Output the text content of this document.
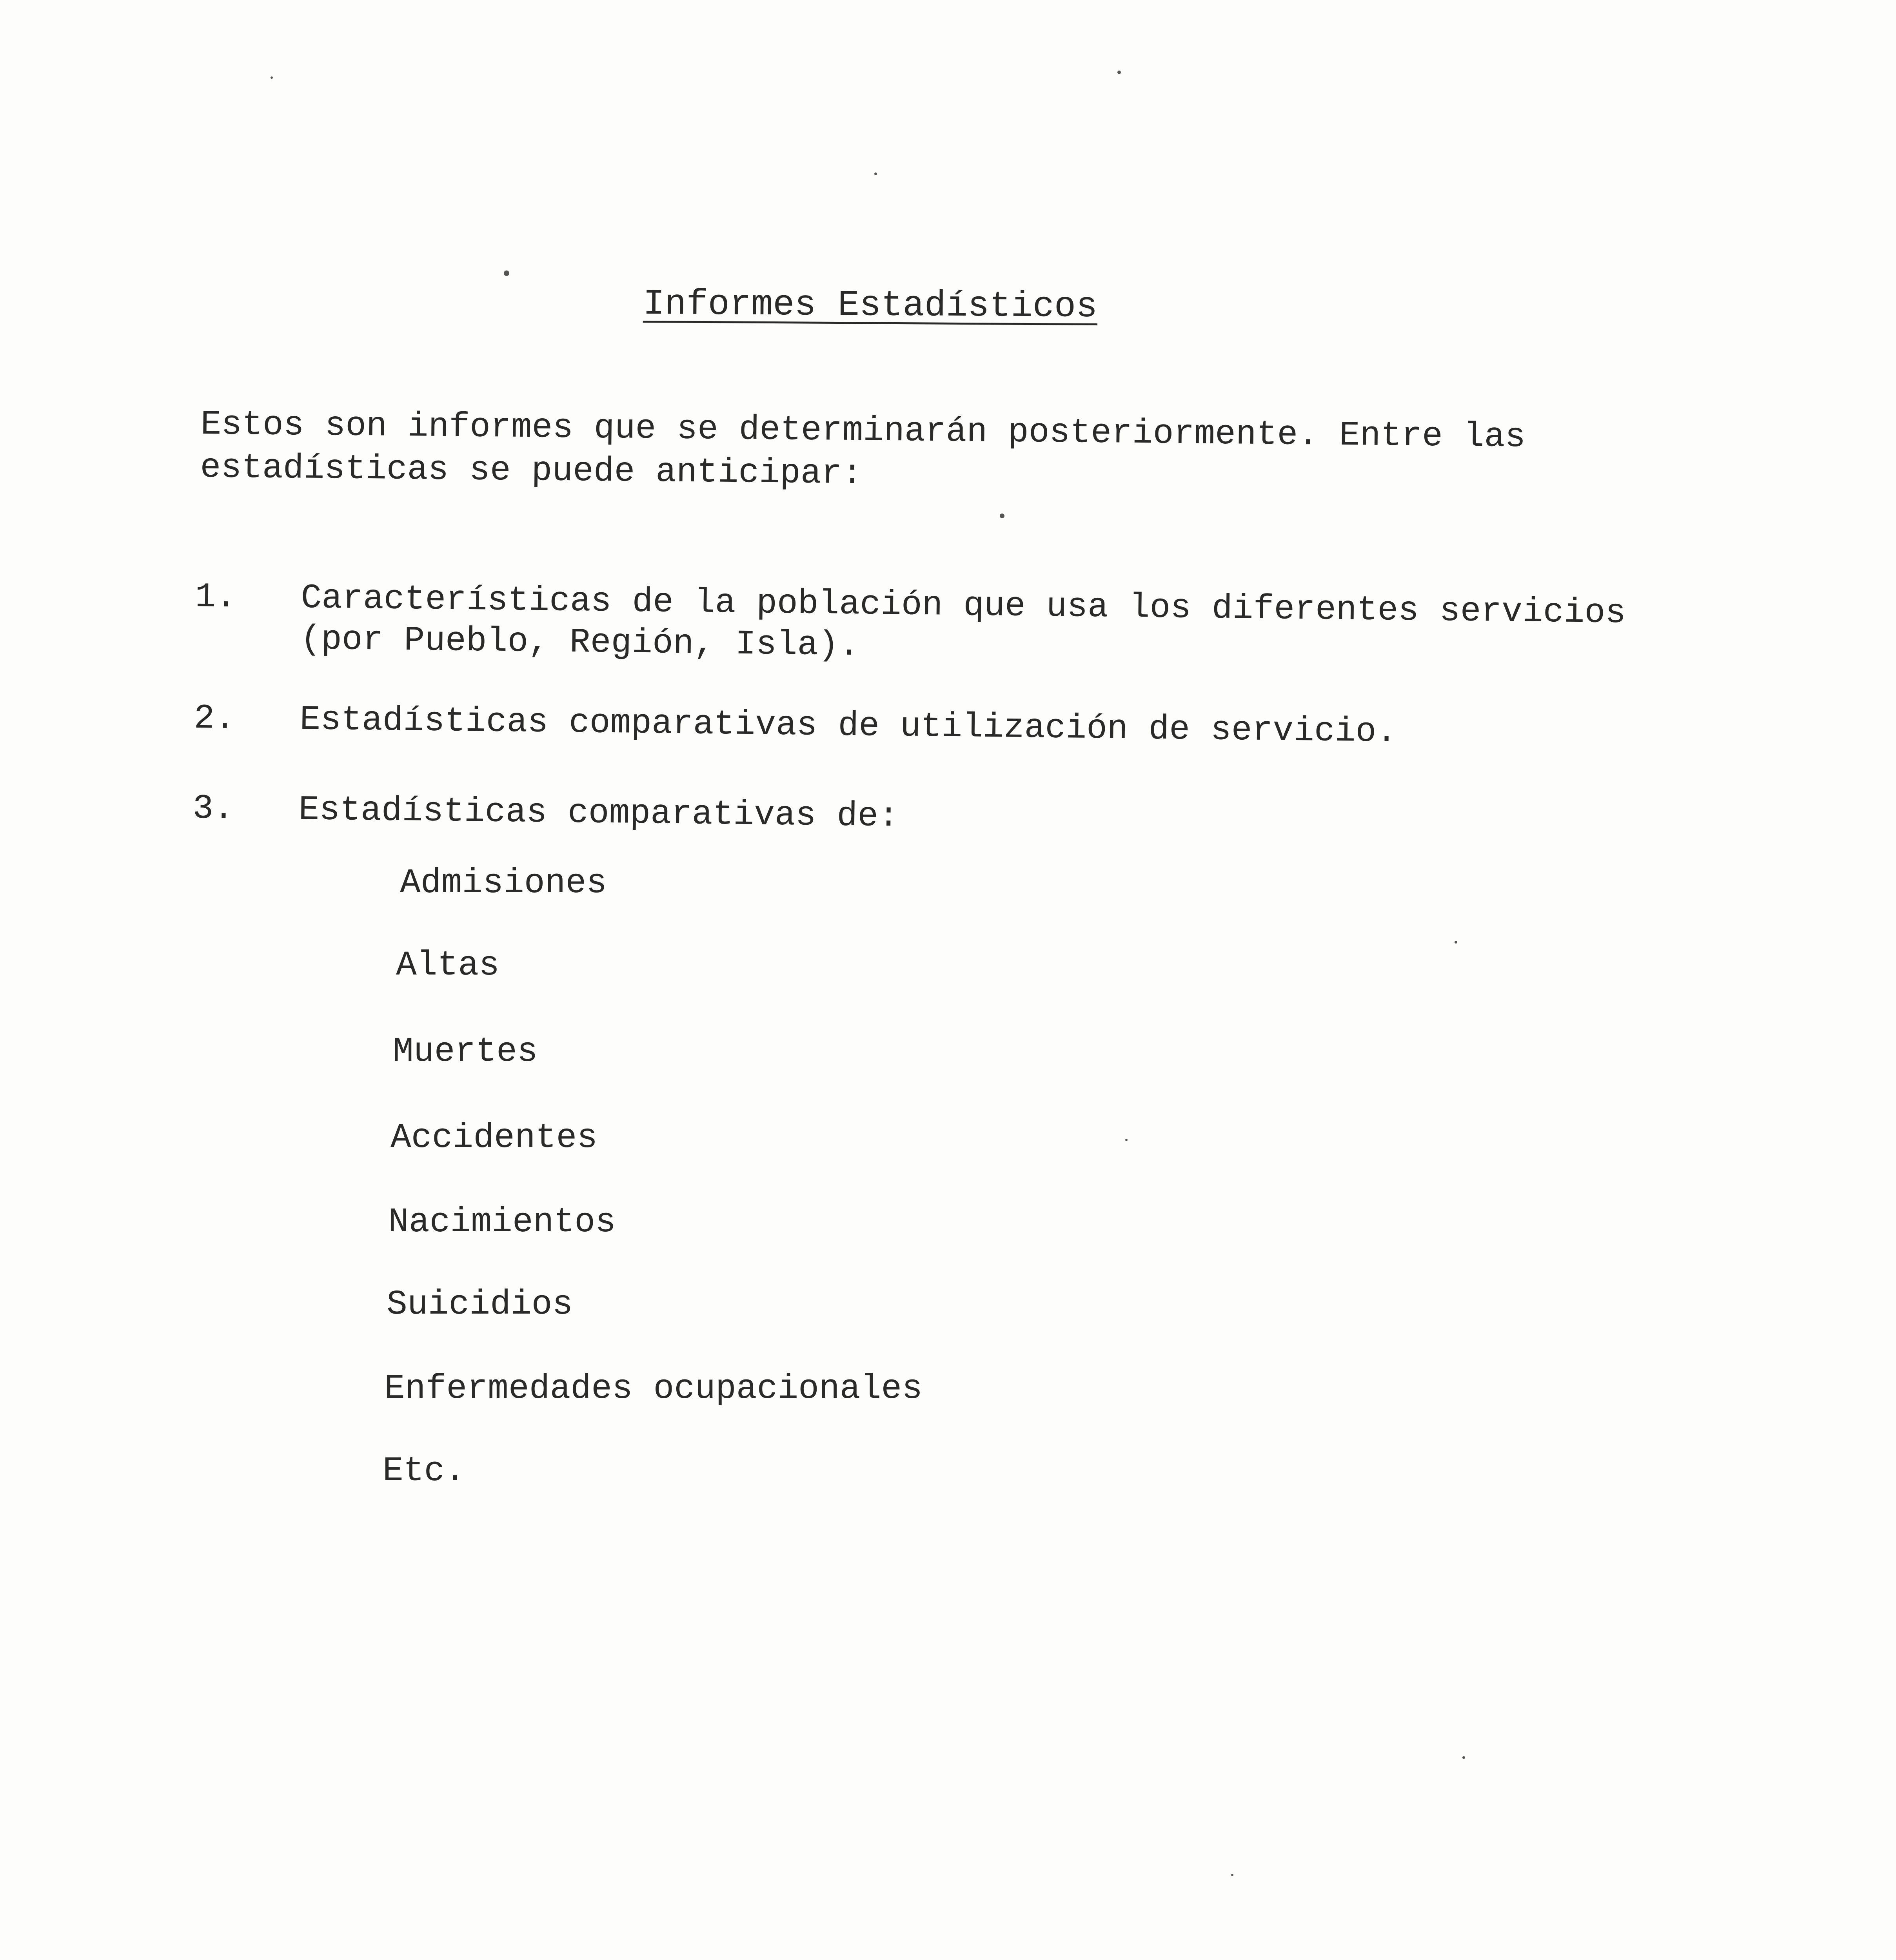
Informes Estadísticos
Estos son informes que se determinarán posteriormente. Entre las
estadísticas se puede anticipar:
1. Características de la población que usa los diferentes servicios
(por Pueblo, Región, Isla).
2. Estadísticas comparativas de utilización de servicio.
3. Estadísticas comparativas de:
Admisiones
Altas
Muertes
Accidentes
Nacimientos
Suicidios
Enfermedades ocupacionales
Etc.
